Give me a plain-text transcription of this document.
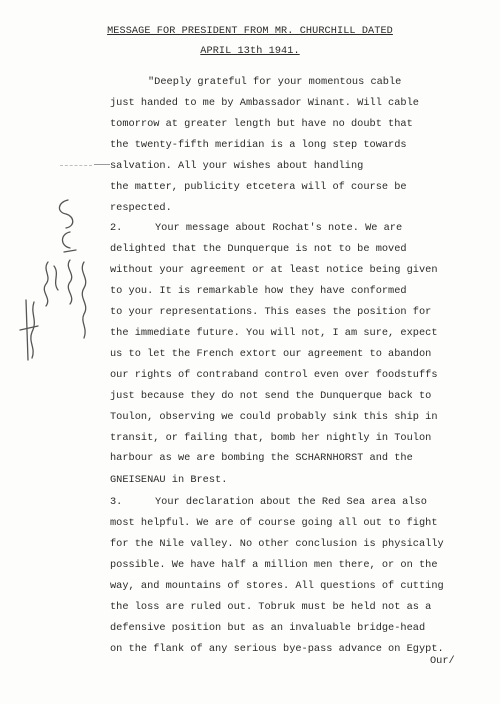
MESSAGE FOR PRESIDENT FROM MR. CHURCHILL DATED
APRIL 13th 1941.
"Deeply grateful for your momentous cable
just handed to me by Ambassador Winant. Will cable
tomorrow at greater length but have no doubt that
the twenty-fifth meridian is a long step towards
salvation. All your wishes about handling
the matter, publicity etcetera will of course be
respected.
Your message about Rochat's note. We are
delighted that the Dunquerque is not to be moved
without your agreement or at least notice being given
to you. It is remarkable how they have conformed
to your representations. This eases the position for
the immediate future. You will not, I am sure, expect
us to let the French extort our agreement to abandon
our rights of contraband control even over foodstuffs
just because they do not send the Dunquerque back to
Toulon, observing we could probably sink this ship in
transit, or failing that, bomb her nightly in Toulon
harbour as we are bombing the SCHARNHORST and the
GNEISENAU in Brest.
Your declaration about the Red Sea area also
most helpful. We are of course going all out to fight
for the Nile valley. No other conclusion is physically
possible. We have half a million men there, or on the
way, and mountains of stores. All questions of cutting
the loss are ruled out. Tobruk must be held not as a
defensive position but as an invaluable bridge-head
on the flank of any serious bye-pass advance on Egypt.
2.
3.
Our/
